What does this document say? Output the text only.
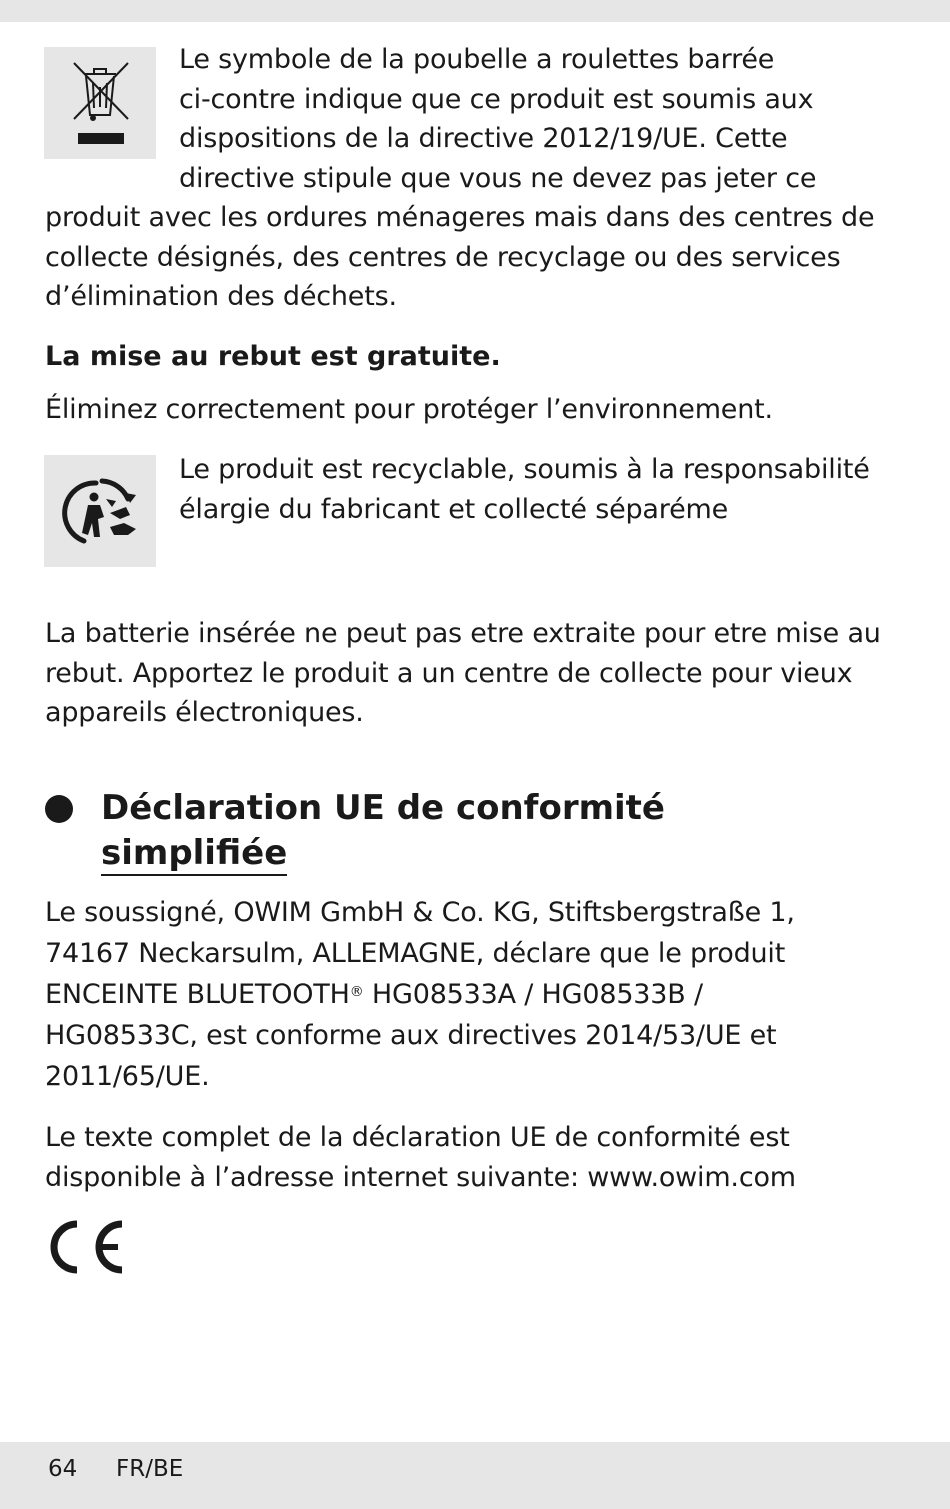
Le symbole de la poubelle a roulettes barrée
ci-contre indique que ce produit est soumis aux
dispositions de la directive 2012/19/UE. Cette
directive stipule que vous ne devez pas jeter ce
produit avec les ordures ménageres mais dans des centres de
collecte désignés, des centres de recyclage ou des services
d’élimination des déchets.
La mise au rebut est gratuite.
Éliminez correctement pour protéger l’environnement.
Le produit est recyclable, soumis à la responsabilité
élargie du fabricant et collecté séparéme
La batterie insérée ne peut pas etre extraite pour etre mise au
rebut. Apportez le produit a un centre de collecte pour vieux
appareils électroniques.
Déclaration UE de conformité
simplifiée
Le soussigné, OWIM GmbH & Co. KG, Stiftsbergstraße 1,
74167 Neckarsulm, ALLEMAGNE, déclare que le produit
ENCEINTE BLUETOOTH® HG08533A / HG08533B /
HG08533C, est conforme aux directives 2014/53/UE et
2011/65/UE.
Le texte complet de la déclaration UE de conformité est
disponible à l’adresse internet suivante: www.owim.com
64 FR/BE
